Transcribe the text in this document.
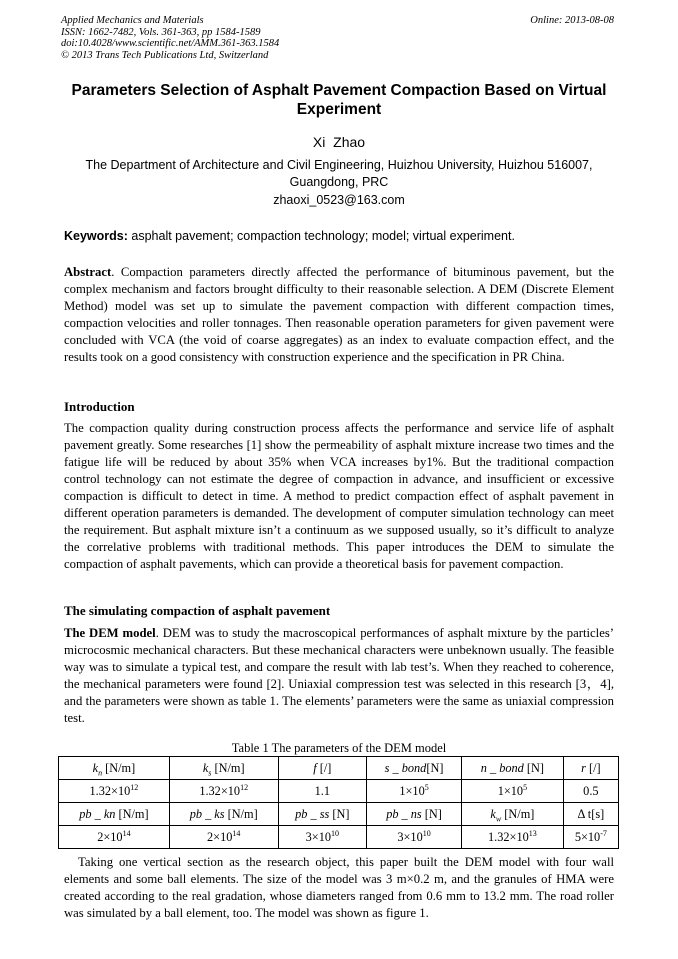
Applied Mechanics and Materials
ISSN: 1662-7482, Vols. 361-363, pp 1584-1589
doi:10.4028/www.scientific.net/AMM.361-363.1584
© 2013 Trans Tech Publications Ltd, Switzerland
Online: 2013-08-08
Parameters Selection of Asphalt Pavement Compaction Based on Virtual Experiment
Xi  Zhao
The Department of Architecture and Civil Engineering, Huizhou University, Huizhou 516007, Guangdong, PRC
zhaoxi_0523@163.com
Keywords: asphalt pavement; compaction technology; model; virtual experiment.
Abstract. Compaction parameters directly affected the performance of bituminous pavement, but the complex mechanism and factors brought difficulty to their reasonable selection. A DEM (Discrete Element Method) model was set up to simulate the pavement compaction with different compaction times, compaction velocities and roller tonnages. Then reasonable operation parameters for given pavement were concluded with VCA (the void of coarse aggregates) as an index to evaluate compaction effect, and the results took on a good consistency with construction experience and the specification in PR China.
Introduction
The compaction quality during construction process affects the performance and service life of asphalt pavement greatly. Some researches [1] show the permeability of asphalt mixture increase two times and the fatigue life will be reduced by about 35% when VCA increases by1%. But the traditional compaction control technology can not estimate the degree of compaction in advance, and insufficient or excessive compaction is difficult to detect in time. A method to predict compaction effect of asphalt pavement in different operation parameters is demanded. The development of computer simulation technology can meet the requirement. But asphalt mixture isn’t a continuum as we supposed usually, so it’s difficult to analyze the correlative problems with traditional methods. This paper introduces the DEM to simulate the compaction of asphalt pavements, which can provide a theoretical basis for pavement compaction.
The simulating compaction of asphalt pavement
The DEM model. DEM was to study the macroscopical performances of asphalt mixture by the particles’ microcosmic mechanical characters. But these mechanical characters were unbeknown usually. The feasible way was to simulate a typical test, and compare the result with lab test’s. When they reached to coherence, the mechanical parameters were found [2]. Uniaxial compression test was selected in this research [3，4], and the parameters were shown as table 1. The elements’ parameters were the same as uniaxial compression test.
Table 1 The parameters of the DEM model
$k_n$ [N/m]	$k_s$ [N/m]	f [/]	s _ bond[N]	n _ bond [N]	r [/]
$1.32\times 10^{12}$	$1.32\times 10^{12}$	1.1	$1\times 10^5$	$1\times 10^5$	0.5
pb _ kn [N/m]	pb _ ks [N/m]	pb _ ss [N]	pb _ ns [N]	$k_w$ [N/m]	Δ t[s]
$2\times 10^{14}$	$2\times 10^{14}$	$3\times 10^{10}$	$3\times 10^{10}$	$1.32\times 10^{13}$	$5\times 10^{-7}$
Taking one vertical section as the research object, this paper built the DEM model with four wall elements and some ball elements. The size of the model was 3 m×0.2 m, and the granules of HMA were created according to the real gradation, whose diameters ranged from 0.6 mm to 13.2 mm. The road roller was simulated by a ball element, too. The model was shown as figure 1.
